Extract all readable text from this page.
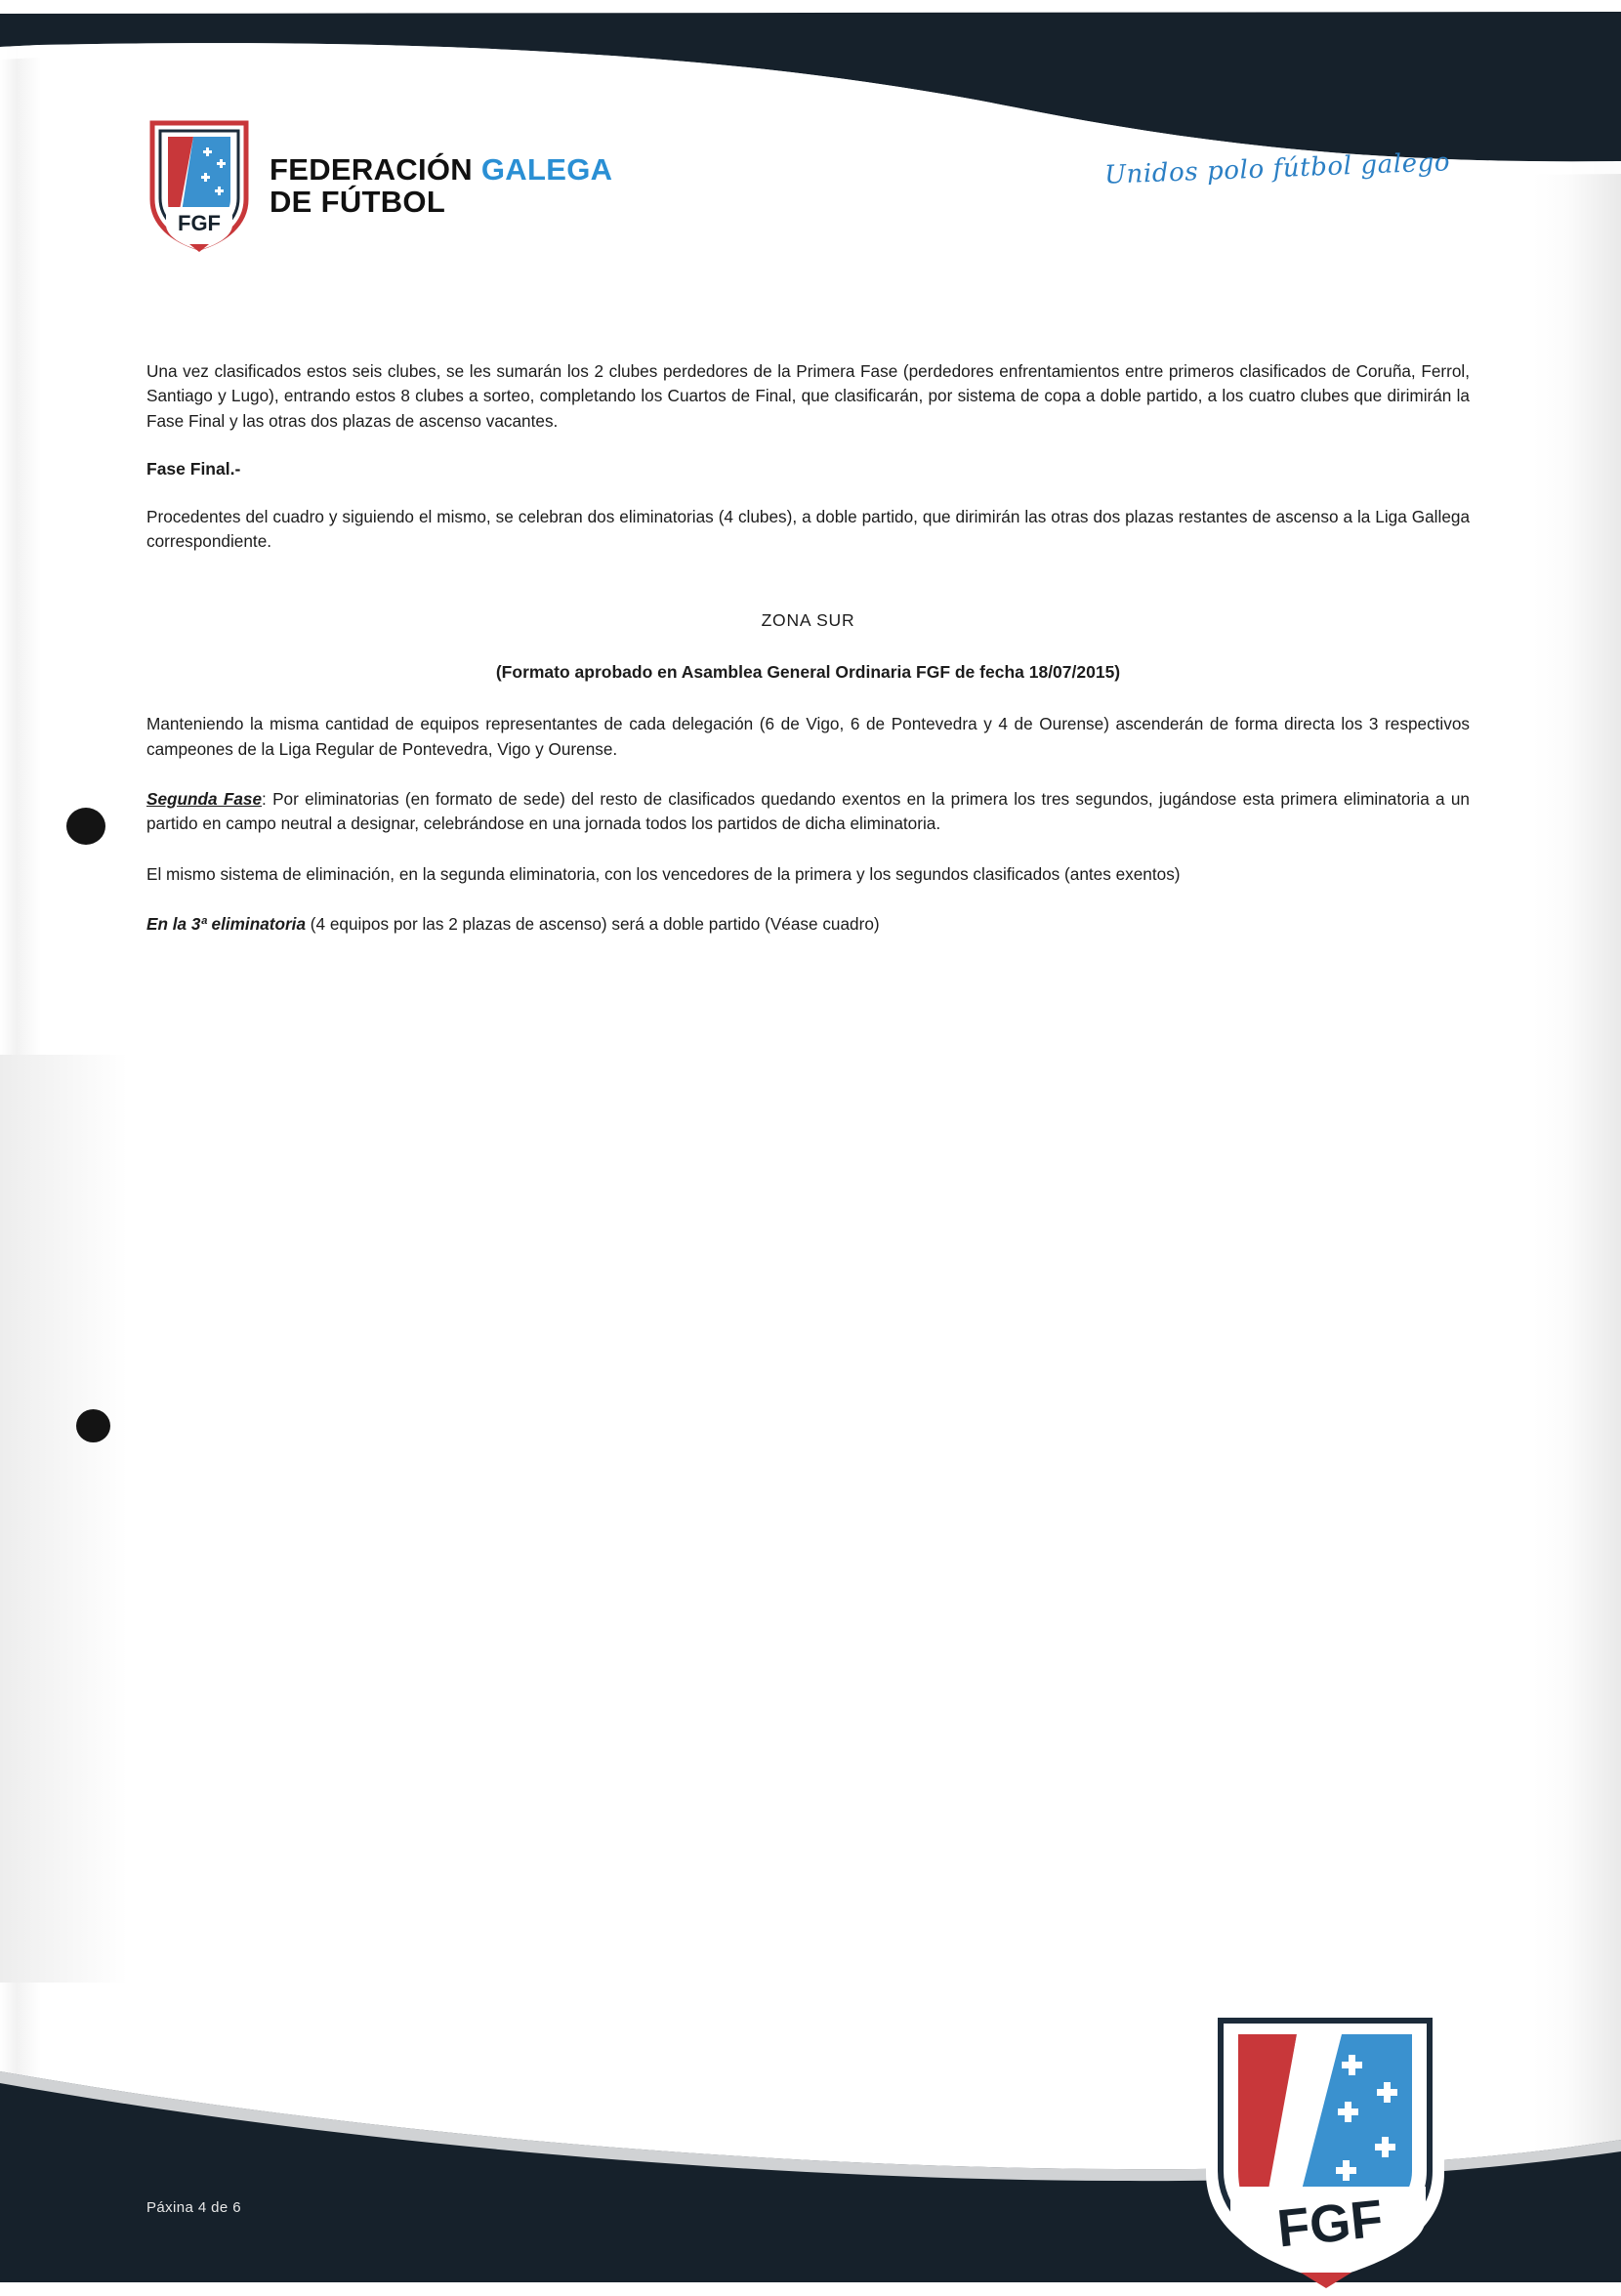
FGF
FEDERACIÓN GALEGA
DE FÚTBOL
Unidos polo fútbol galego

Una vez clasificados estos seis clubes, se les sumarán los 2 clubes perdedores de la Primera Fase (perdedores enfrentamientos entre primeros clasificados de Coruña, Ferrol, Santiago y Lugo), entrando estos 8 clubes a sorteo, completando los Cuartos de Final, que clasificarán, por sistema de copa a doble partido, a los cuatro clubes que dirimirán la Fase Final y las otras dos plazas de ascenso vacantes.

Fase Final.-

Procedentes del cuadro y siguiendo el mismo, se celebran dos eliminatorias (4 clubes), a doble partido, que dirimirán las otras dos plazas restantes de ascenso a la Liga Gallega correspondiente.

ZONA SUR

(Formato aprobado en Asamblea General Ordinaria FGF de fecha 18/07/2015)

Manteniendo la misma cantidad de equipos representantes de cada delegación (6 de Vigo, 6 de Pontevedra y 4 de Ourense) ascenderán de forma directa los 3 respectivos campeones de la Liga Regular de Pontevedra, Vigo y Ourense.

Segunda Fase: Por eliminatorias (en formato de sede) del resto de clasificados quedando exentos en la primera los tres segundos, jugándose esta primera eliminatoria a un partido en campo neutral a designar, celebrándose en una jornada todos los partidos de dicha eliminatoria.

El mismo sistema de eliminación, en la segunda eliminatoria, con los vencedores de la primera y los segundos clasificados (antes exentos)

En la 3ª eliminatoria (4 equipos por las 2 plazas de ascenso) será a doble partido (Véase cuadro)

Páxina 4 de 6	FGF
